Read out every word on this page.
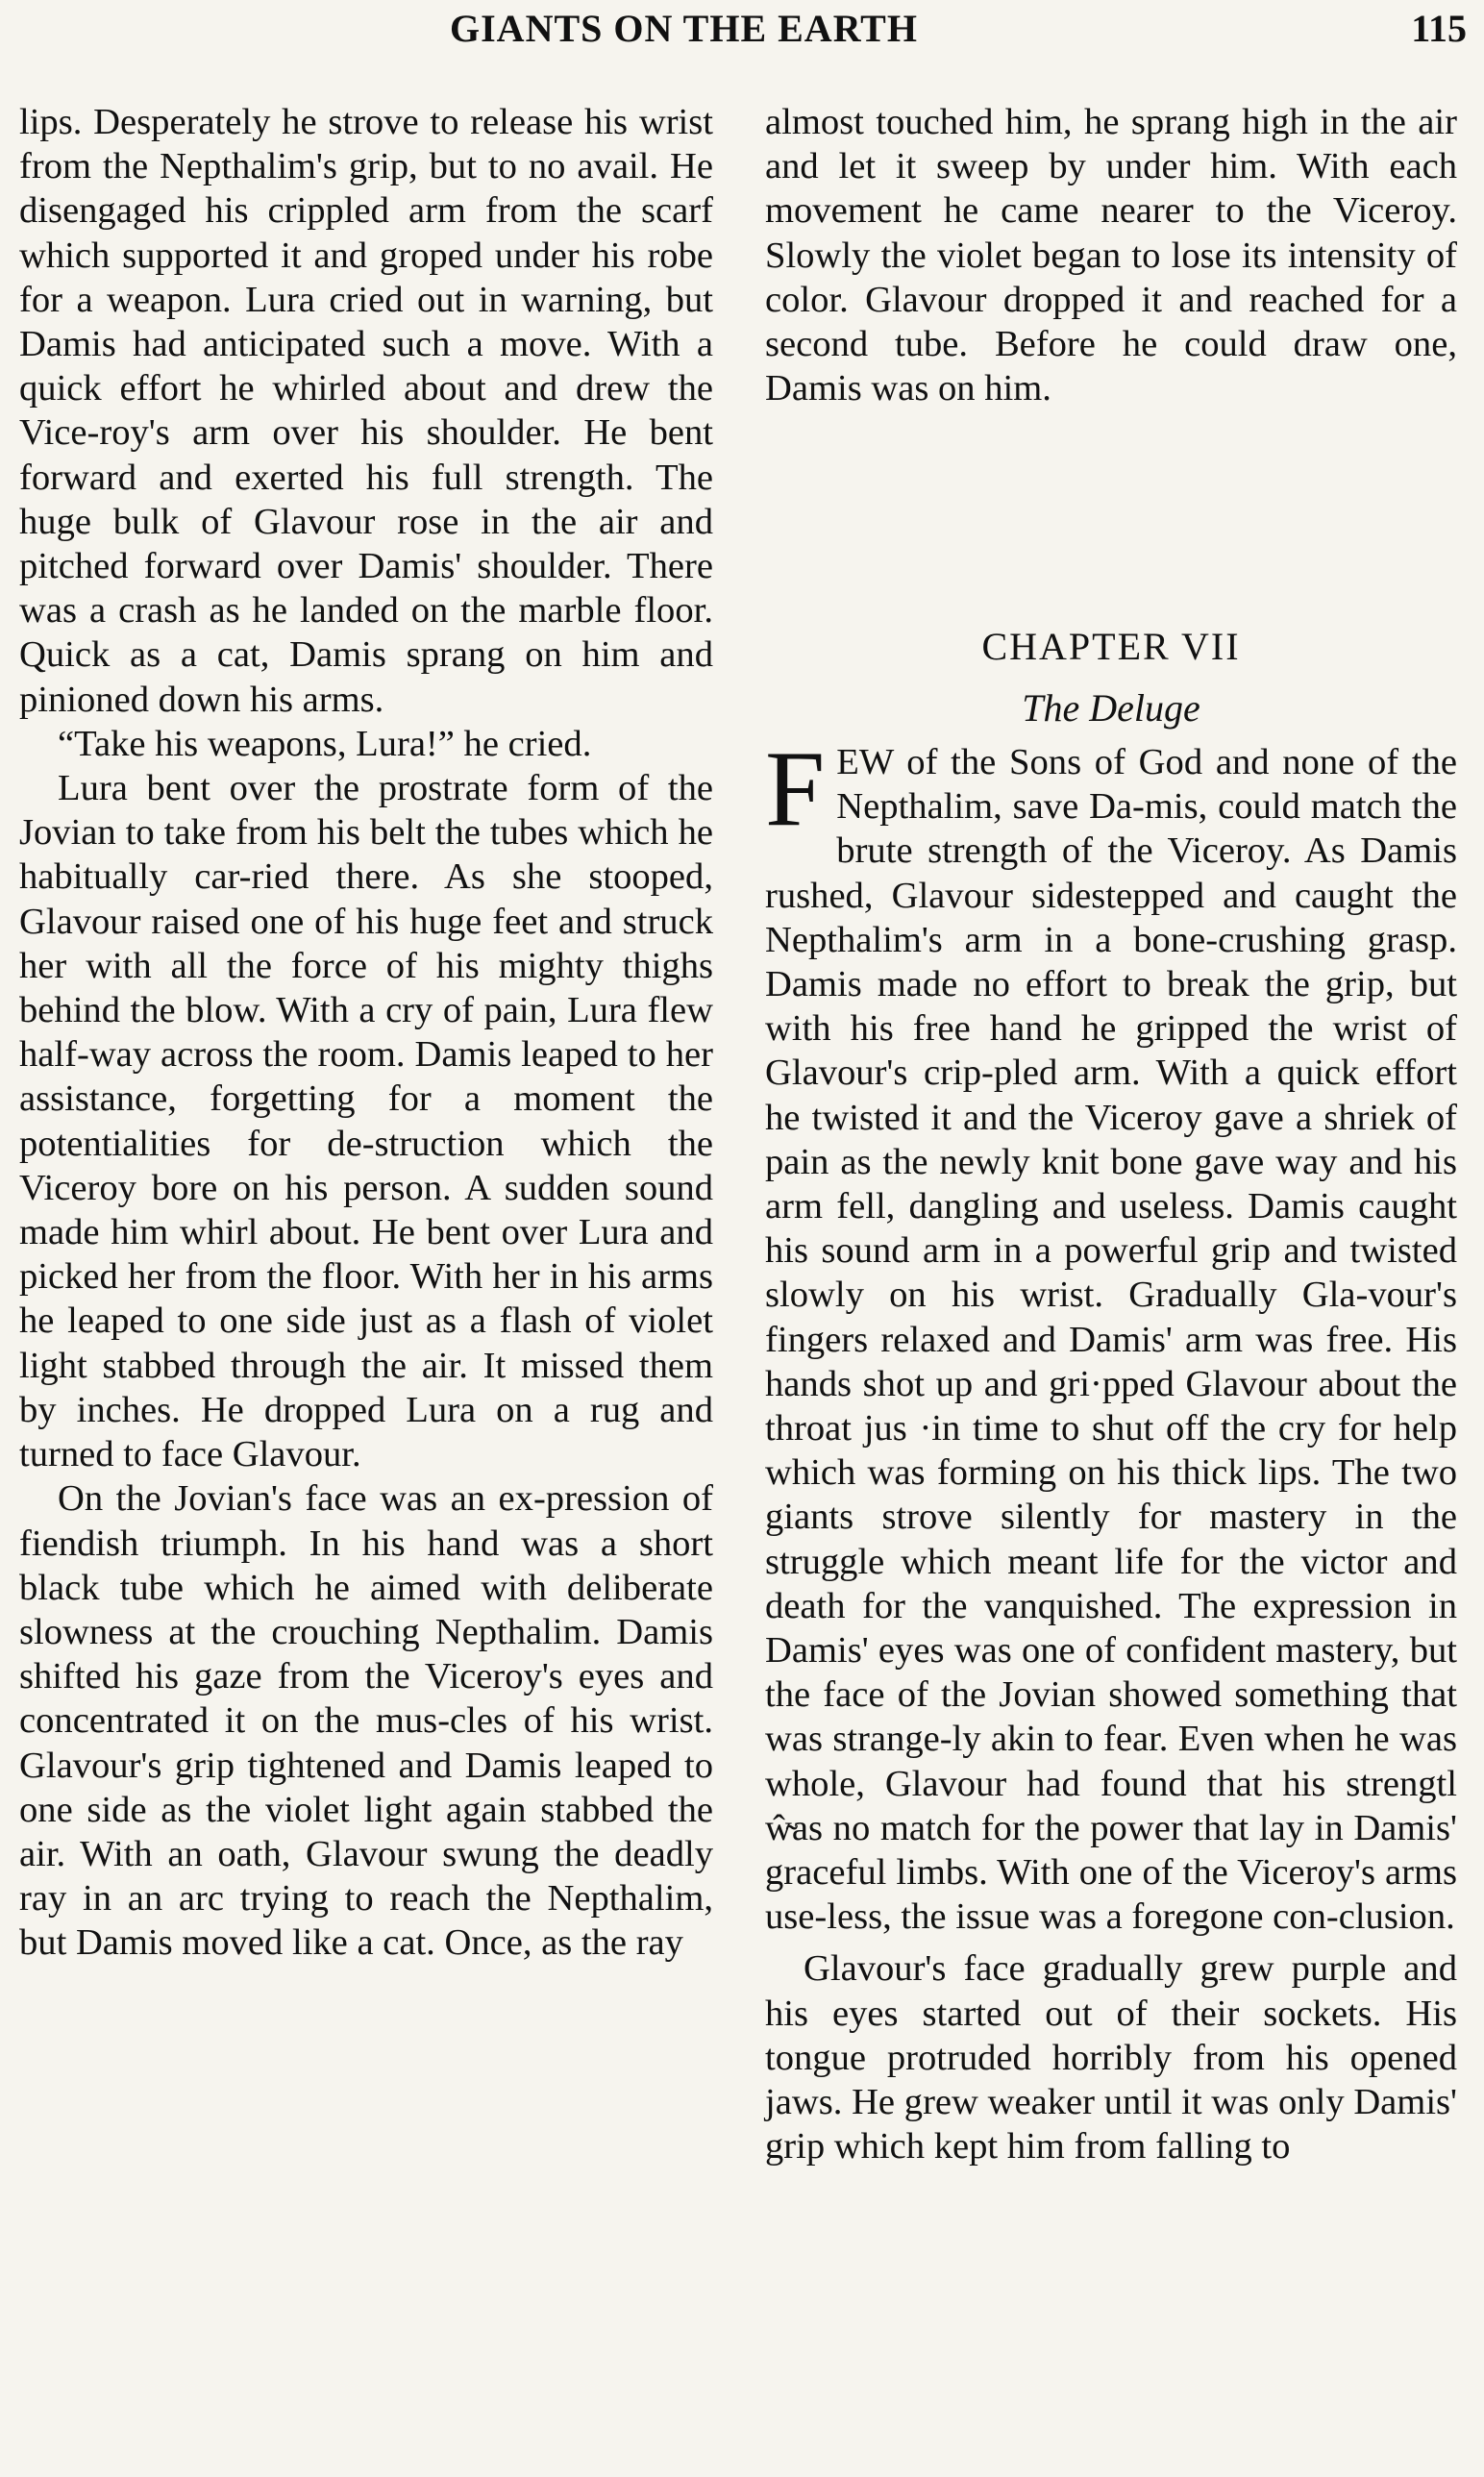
GIANTS ON THE EARTH	115

lips. Desperately he strove to release his wrist from the Nepthalim's grip, but to no avail. He disengaged his crippled arm from the scarf which supported it and groped under his robe for a weapon. Lura cried out in warning, but Damis had anticipated such a move. With a quick effort he whirled about and drew the Vice-roy's arm over his shoulder. He bent forward and exerted his full strength. The huge bulk of Glavour rose in the air and pitched forward over Damis' shoulder. There was a crash as he landed on the marble floor. Quick as a cat, Damis sprang on him and pinioned down his arms.

“Take his weapons, Lura!” he cried.

Lura bent over the prostrate form of the Jovian to take from his belt the tubes which he habitually car-ried there. As she stooped, Glavour raised one of his huge feet and struck her with all the force of his mighty thighs behind the blow. With a cry of pain, Lura flew half-way across the room. Damis leaped to her assistance, forgetting for a moment the potentialities for de-struction which the Viceroy bore on his person. A sudden sound made him whirl about. He bent over Lura and picked her from the floor. With her in his arms he leaped to one side just as a flash of violet light stabbed through the air. It missed them by inches. He dropped Lura on a rug and turned to face Glavour.

On the Jovian's face was an ex-pression of fiendish triumph. In his hand was a short black tube which he aimed with deliberate slowness at the crouching Nepthalim. Damis shifted his gaze from the Viceroy's eyes and concentrated it on the mus-cles of his wrist. Glavour's grip tightened and Damis leaped to one side as the violet light again stabbed the air. With an oath, Glavour swung the deadly ray in an arc trying to reach the Nepthalim, but Damis moved like a cat. Once, as the ray

almost touched him, he sprang high in the air and let it sweep by under him. With each movement he came nearer to the Viceroy. Slowly the violet began to lose its intensity of color. Glavour dropped it and reached for a second tube. Before he could draw one, Damis was on him.

CHAPTER VII
The Deluge
F EW of the Sons of God and none of the Nepthalim, save Da-mis, could match the brute strength of the Viceroy. As Damis rushed, Glavour sidestepped and caught the Nepthalim's arm in a bone-crushing grasp. Damis made no effort to break the grip, but with his free hand he gripped the wrist of Glavour's crip-pled arm. With a quick effort he twisted it and the Viceroy gave a shriek of pain as the newly knit bone gave way and his arm fell, dangling and useless. Damis caught his sound arm in a powerful grip and twisted slowly on his wrist. Gradually Gla-vour's fingers relaxed and Damis' arm was free. His hands shot up and gri·pped Glavour about the throat jus ·in time to shut off the cry for help which was forming on his thick lips. The two giants strove silently for mastery in the struggle which meant life for the victor and death for the vanquished. The expression in Damis' eyes was one of confident mastery, but the face of the Jovian showed something that was strange-ly akin to fear. Even when he was whole, Glavour had found that his strengtl ŵ̴as no match for the power that lay in Damis' graceful limbs. With one of the Viceroy's arms use-less, the issue was a foregone con-clusion.

Glavour's face gradually grew purple and his eyes started out of their sockets. His tongue protruded horribly from his opened jaws. He grew weaker until it was only Damis' grip which kept him from falling to
